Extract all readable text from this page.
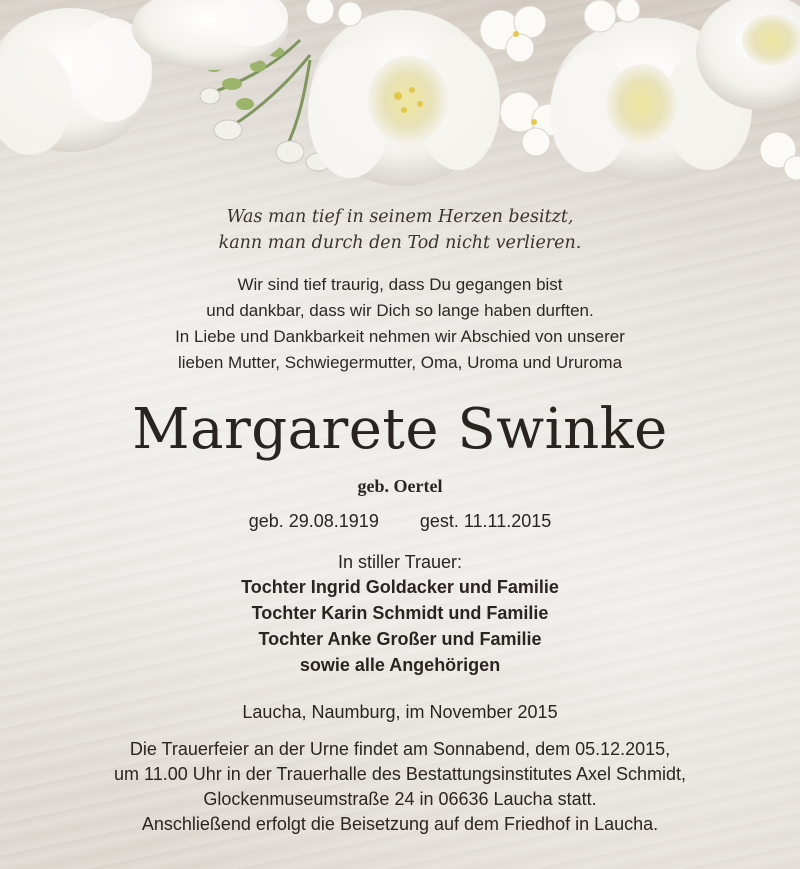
Was man tief in seinem Herzen besitzt,
kann man durch den Tod nicht verlieren.
Wir sind tief traurig, dass Du gegangen bist
und dankbar, dass wir Dich so lange haben durften.
In Liebe und Dankbarkeit nehmen wir Abschied von unserer
lieben Mutter, Schwiegermutter, Oma, Uroma und Ururoma
Margarete Swinke
geb. Oertel
geb. 29.08.1919 gest. 11.11.2015
In stiller Trauer:
Tochter Ingrid Goldacker und Familie
Tochter Karin Schmidt und Familie
Tochter Anke Großer und Familie
sowie alle Angehörigen
Laucha, Naumburg, im November 2015
Die Trauerfeier an der Urne findet am Sonnabend, dem 05.12.2015,
um 11.00 Uhr in der Trauerhalle des Bestattungsinstitutes Axel Schmidt,
Glockenmuseumstraße 24 in 06636 Laucha statt.
Anschließend erfolgt die Beisetzung auf dem Friedhof in Laucha.
